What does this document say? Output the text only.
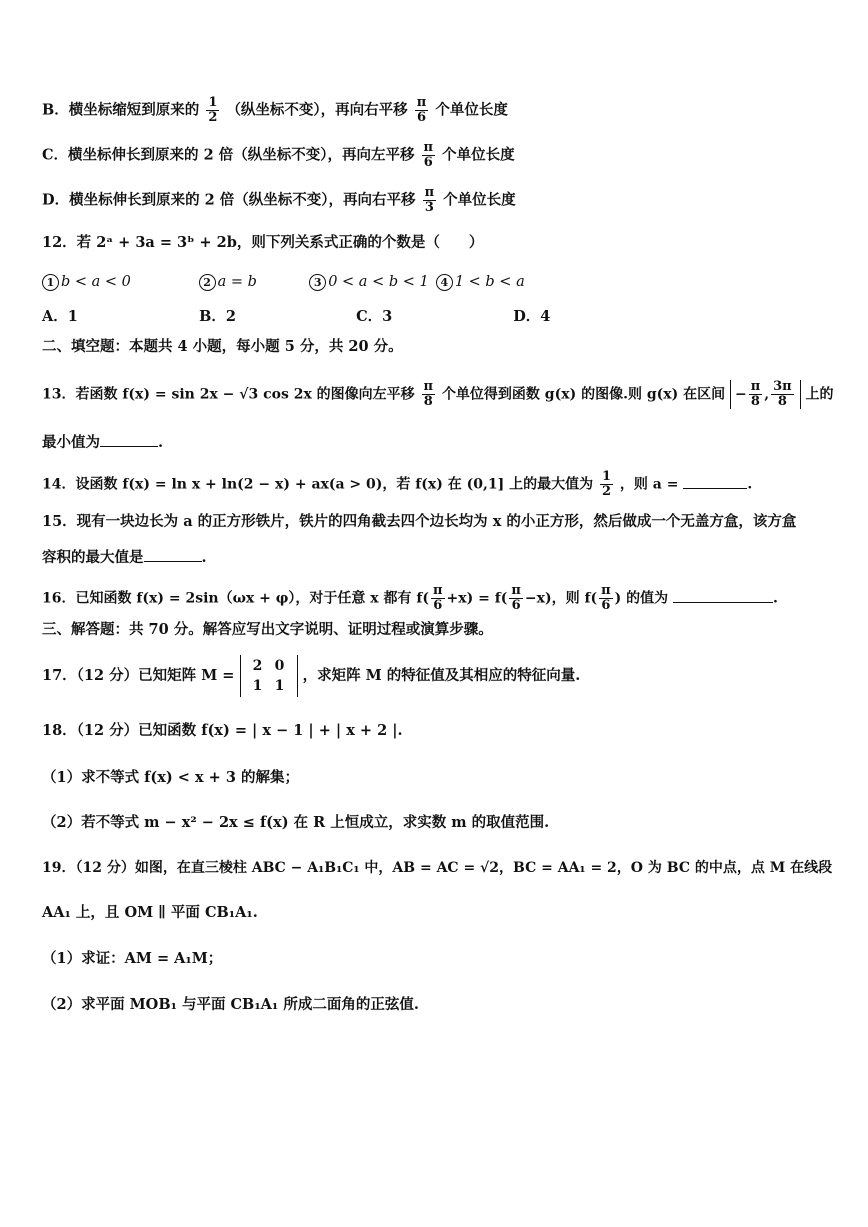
B．横坐标缩短到原来的 $\frac{1}{2}$ （纵坐标不变），再向右平移 $\frac{\pi}{6}$ 个单位长度
C．横坐标伸长到原来的 2 倍（纵坐标不变），再向左平移 $\frac{\pi}{6}$ 个单位长度
D．横坐标伸长到原来的 2 倍（纵坐标不变），再向右平移 $\frac{\pi}{3}$ 个单位长度
12．若 2ᵃ + 3a = 3ᵇ + 2b，则下列关系式正确的个数是（　　）
1 b < a < 0	2 a = b	3 0 < a < b < 1 4 1 < b < a
A．1	B．2	C．3	D．4
二、填空题：本题共 4 小题，每小题 5 分，共 20 分。
13．若函数 f(x) = sin 2x − √3 cos 2x 的图像向左平移 $\frac{\pi}{8}$ 个单位得到函数 g(x) 的图像.则 g(x) 在区间 − $\frac{\pi}{8}$ , $\frac{3\pi}{8}$ 上的
最小值为	.
14．设函数 f(x) = ln x + ln(2 − x) + ax(a > 0)，若 f(x) 在 (0,1] 上的最大值为 $\frac{1}{2}$ ，则 a =	.
15．现有一块边长为 a 的正方形铁片，铁片的四角截去四个边长均为 x 的小正方形，然后做成一个无盖方盒，该方盒
容积的最大值是	.
16．已知函数 f(x) = 2sin（ωx + φ），对于任意 x 都有 $f( \frac{\pi}{6} +x) = f( \frac{\pi}{6} -x)$，则 $f( \frac{\pi}{6}$ ) 的值为	.
三、解答题：共 70 分。解答应写出文字说明、证明过程或演算步骤。
17．（12 分）已知矩阵 M = 2 0
1 1 ，求矩阵 M 的特征值及其相应的特征向量.
18．（12 分）已知函数 f(x) = | x − 1 | + | x + 2 |.
（1）求不等式 f(x) < x + 3 的解集；
（2）若不等式 m − x² − 2x ≤ f(x) 在 R 上恒成立，求实数 m 的取值范围.
19．（12 分）如图，在直三棱柱 ABC − A₁B₁C₁ 中，AB = AC = √2，BC = AA₁ = 2，O 为 BC 的中点，点 M 在线段
AA₁ 上，且 OM ∥ 平面 CB₁A₁.
（1）求证：AM = A₁M；
（2）求平面 MOB₁ 与平面 CB₁A₁ 所成二面角的正弦值.
